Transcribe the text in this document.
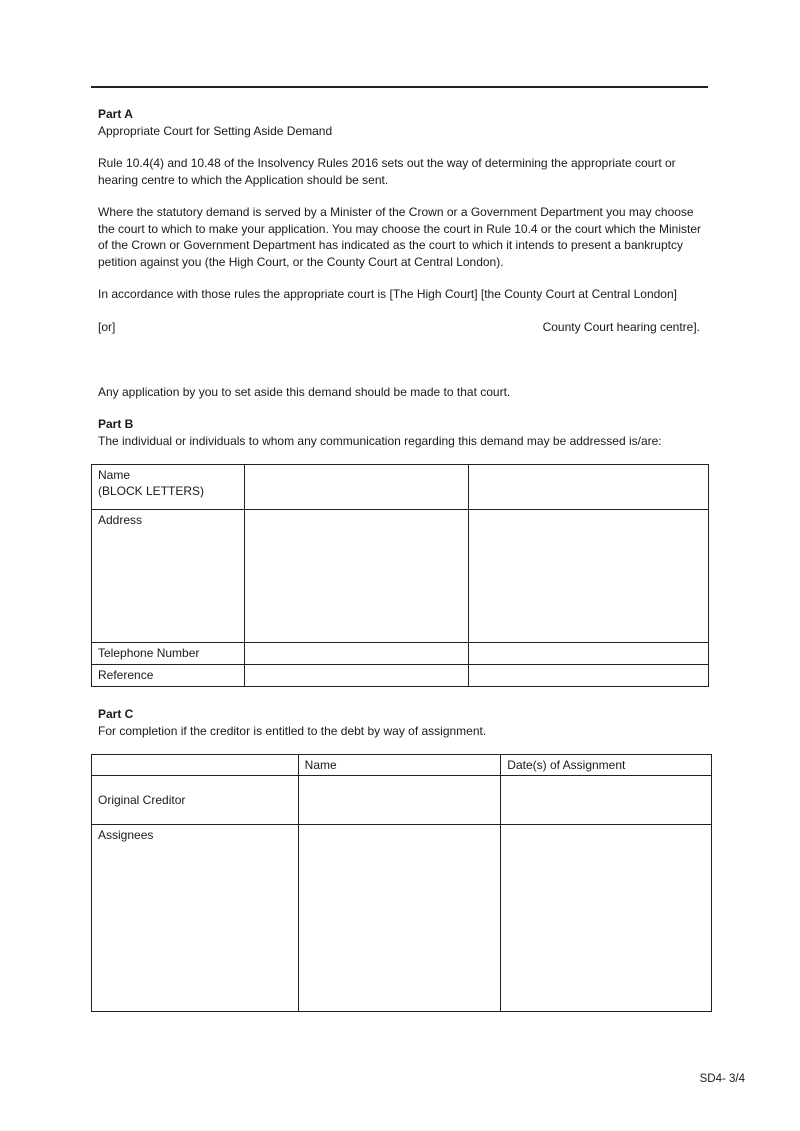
Part A

Appropriate Court for Setting Aside Demand

Rule 10.4(4) and 10.48 of the Insolvency Rules 2016 sets out the way of determining the appropriate court or hearing centre to which the Application should be sent.

Where the statutory demand is served by a Minister of the Crown or a Government Department you may choose the court to which to make your application. You may choose the court in Rule 10.4 or the court which the Minister of the Crown or Government Department has indicated as the court to which it intends to present a bankruptcy petition against you (the High Court, or the County Court at Central London).

In accordance with those rules the appropriate court is [The High Court] [the County Court at Central London]

[or]	County Court hearing centre].

Any application by you to set aside this demand should be made to that court.

Part B

The individual or individuals to whom any communication regarding this demand may be addressed is/are:

Name
(BLOCK LETTERS)		

Address		
Telephone Number		
Reference		

Part C

For completion if the creditor is entitled to the debt by way of assignment.

	Name	Date(s) of Assignment
Original Creditor		
Assignees		
SD4- 3/4
